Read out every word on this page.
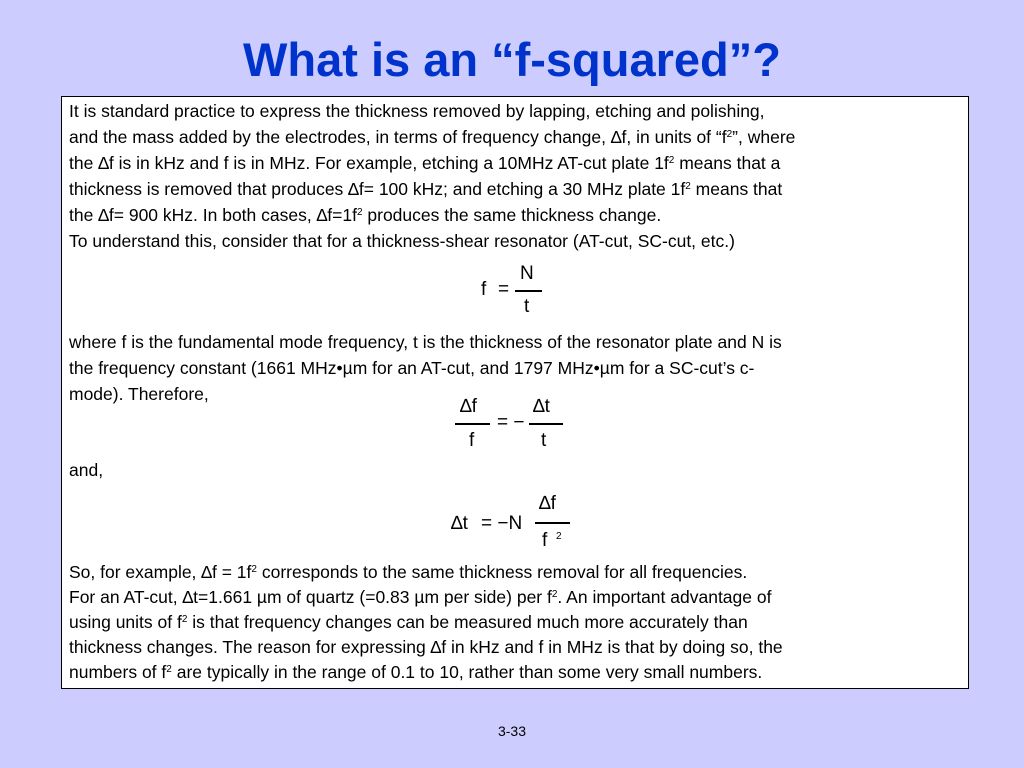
What is an “f-squared”?
It is standard practice to express the thickness removed by lapping, etching and polishing,
and the mass added by the electrodes, in terms of frequency change, ∆f, in units of “$f^2$”, where
the ∆f is in kHz and f is in MHz. For example, etching a 10MHz AT-cut plate $1f^2$ means that a
thickness is removed that produces ∆f= 100 kHz; and etching a 30 MHz plate $1f^2$ means that
the ∆f= 900 kHz. In both cases, $\Delta f=1f^2$ produces the same thickness change.
To understand this, consider that for a thickness-shear resonator (AT-cut, SC-cut, etc.)
f =
N
t
where f is the fundamental mode frequency, t is the thickness of the resonator plate and N is
the frequency constant (1661 MHz•µm for an AT-cut, and 1797 MHz•µm for a SC-cut’s c-
mode). Therefore,
∆f
f
= −
∆t
t
and,
∆t = −N
∆f
f 2
So, for example, $\Delta f = 1f^2$ corresponds to the same thickness removal for all frequencies.
For an AT-cut, ∆t=1.661 µm of quartz (=0.83 µm per side) per $f^2$. An important advantage of
using units of $f^2$ is that frequency changes can be measured much more accurately than
thickness changes. The reason for expressing ∆f in kHz and f in MHz is that by doing so, the
numbers of $f^2$ are typically in the range of 0.1 to 10, rather than some very small numbers.
3-33
